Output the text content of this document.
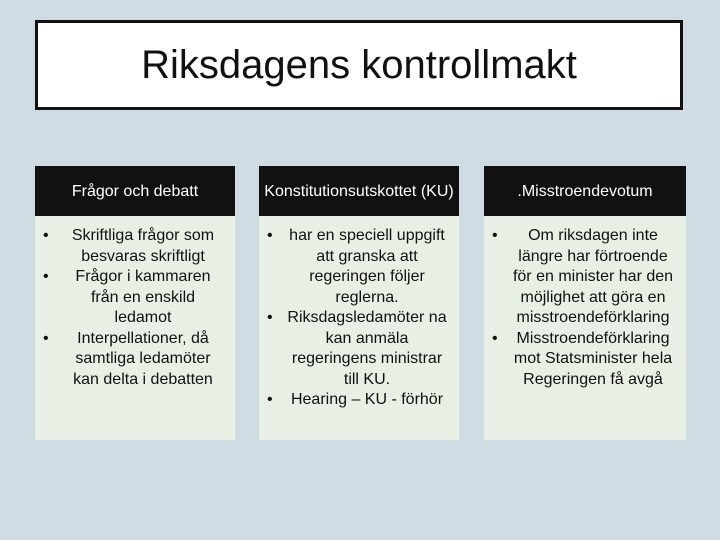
Riksdagens kontrollmakt
Frågor och debatt
• Skriftliga frågor som besvaras skriftligt
• Frågor i kammaren från en enskild ledamot
• Interpellationer, då samtliga ledamöter kan delta i debatten
Konstitutionsutskottet (KU)
• har en speciell uppgift att granska att regeringen följer reglerna.
• Riksdagsledamöter na kan anmäla regeringens ministrar till KU.
• Hearing – KU - förhör
.Misstroendevotum
• Om riksdagen inte längre har förtroende för en minister har den möjlighet att göra en misstroendeförklaring
• Misstroendeförklaring mot Statsminister hela Regeringen få avgå
